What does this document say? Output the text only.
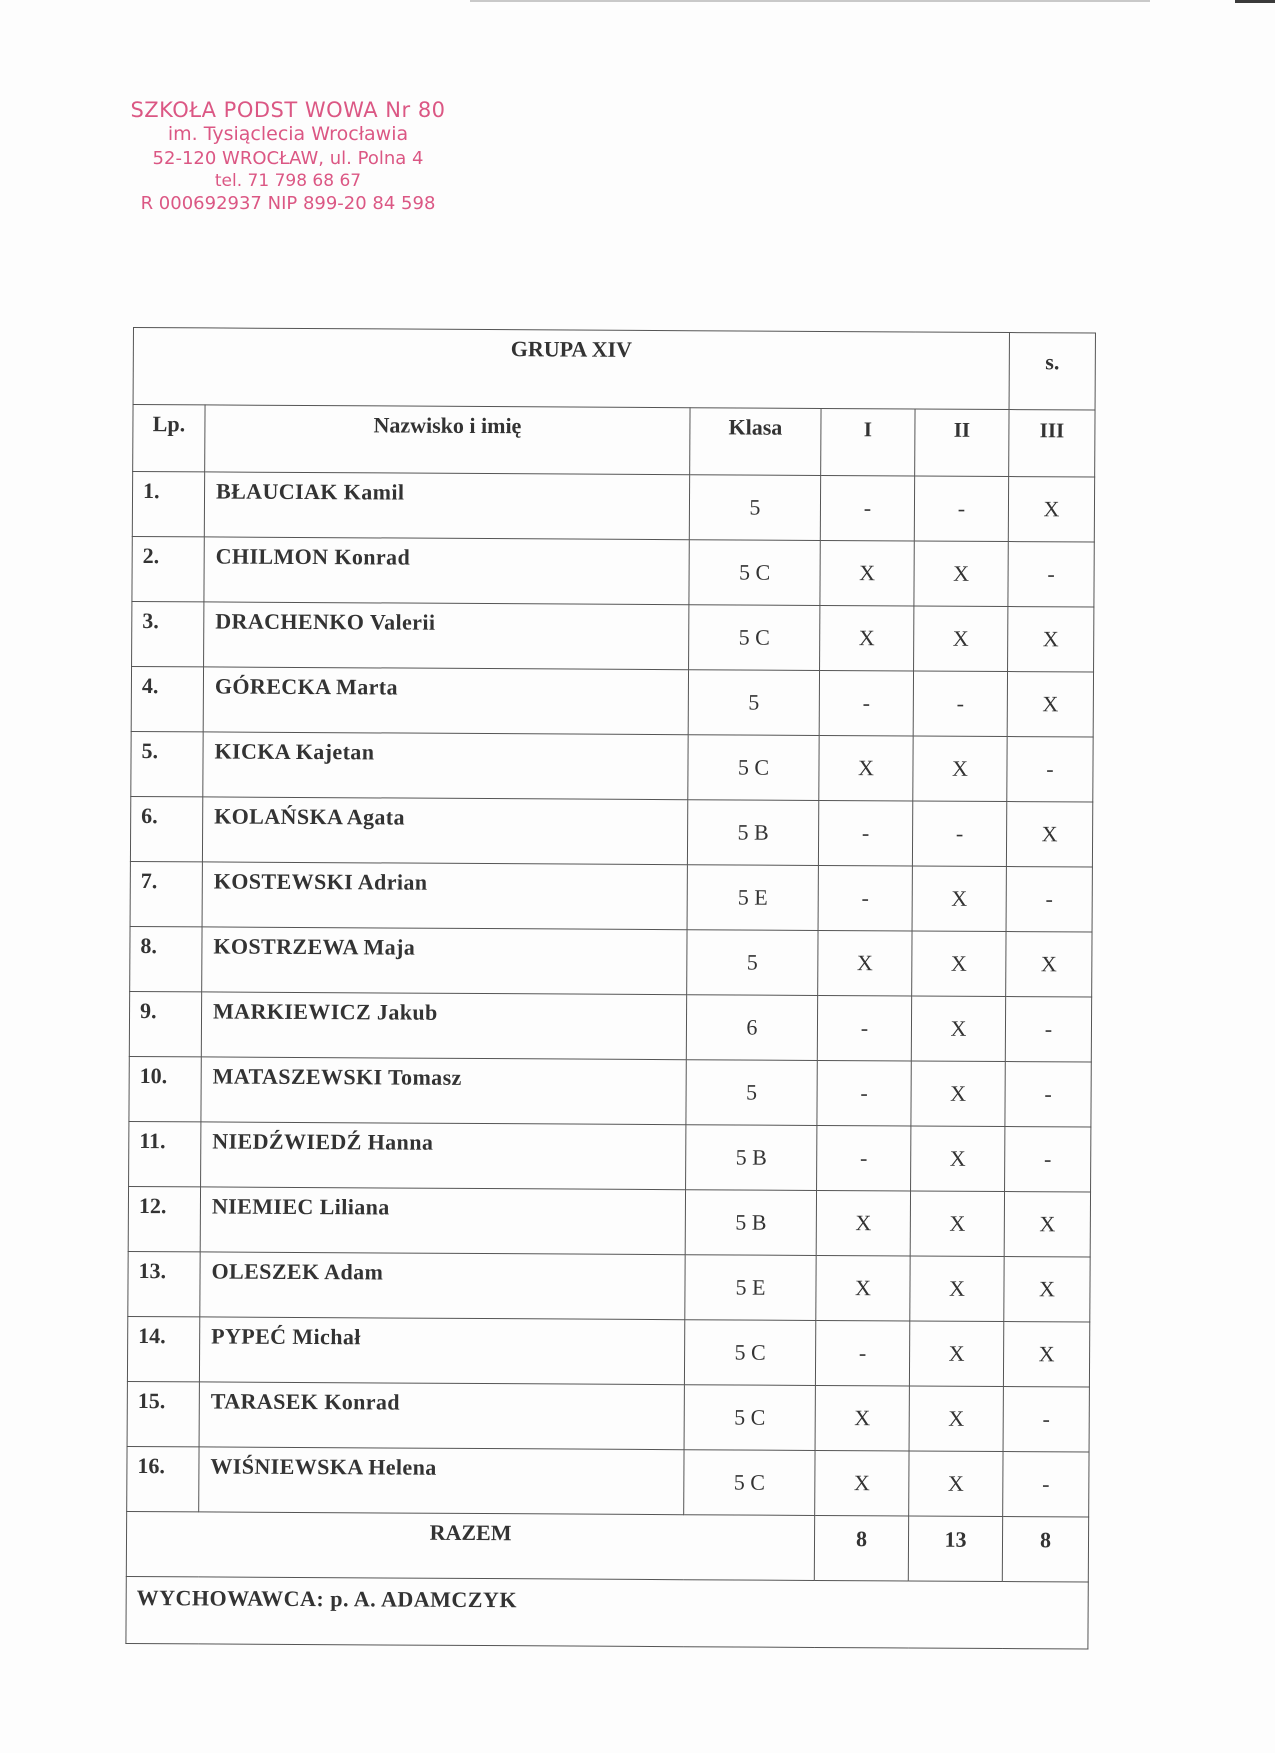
SZKOŁA PODST WOWA Nr 80
im. Tysiąclecia Wrocławia
52-120 WROCŁAW, ul. Polna 4
tel. 71 798 68 67
R 000692937 NIP 899-20 84 598
GRUPA XIV					s.
Lp.	Nazwisko i imię	Klasa	I	II	III
1.	BŁAUCIAK Kamil	5	-	-	X
2.	CHILMON Konrad	5 C	X	X	-
3.	DRACHENKO Valerii	5 C	X	X	X
4.	GÓRECKA Marta	5	-	-	X
5.	KICKA Kajetan	5 C	X	X	-
6.	KOLAŃSKA Agata	5 B	-	-	X
7.	KOSTEWSKI Adrian	5 E	-	X	-
8.	KOSTRZEWA Maja	5	X	X	X
9.	MARKIEWICZ Jakub	6	-	X	-
10.	MATASZEWSKI Tomasz	5	-	X	-
11.	NIEDŹWIEDŹ Hanna	5 B	-	X	-
12.	NIEMIEC Liliana	5 B	X	X	X
13.	OLESZEK Adam	5 E	X	X	X
14.	PYPEĆ Michał	5 C	-	X	X
15.	TARASEK Konrad	5 C	X	X	-
16.	WIŚNIEWSKA Helena	5 C	X	X	-
RAZEM			8	13	8
WYCHOWAWCA: p. A. ADAMCZYK					
